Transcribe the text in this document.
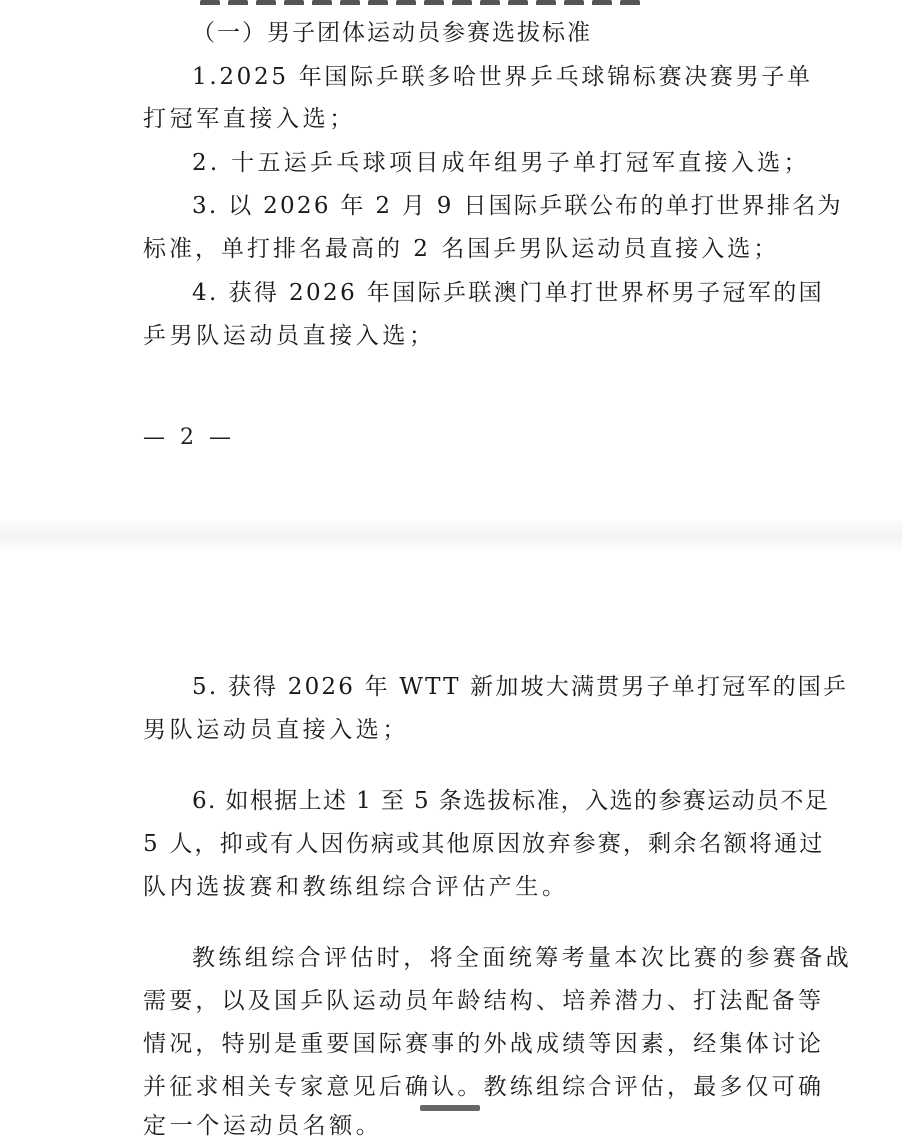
（一）男子团体运动员参赛选拔标准
1.2025 年国际乒联多哈世界乒乓球锦标赛决赛男子单
打冠军直接入选；
2. 十五运乒乓球项目成年组男子单打冠军直接入选；
3. 以 2026 年 2 月 9 日国际乒联公布的单打世界排名为
标准，单打排名最高的 2 名国乒男队运动员直接入选；
4. 获得 2026 年国际乒联澳门单打世界杯男子冠军的国
乒男队运动员直接入选；
— 2 —
5. 获得 2026 年 WTT 新加坡大满贯男子单打冠军的国乒
男队运动员直接入选；
6. 如根据上述 1 至 5 条选拔标准，入选的参赛运动员不足
5 人，抑或有人因伤病或其他原因放弃参赛，剩余名额将通过
队内选拔赛和教练组综合评估产生。
教练组综合评估时，将全面统筹考量本次比赛的参赛备战
需要，以及国乒队运动员年龄结构、培养潜力、打法配备等
情况，特别是重要国际赛事的外战成绩等因素，经集体讨论
并征求相关专家意见后确认。教练组综合评估，最多仅可确
定一个运动员名额。
